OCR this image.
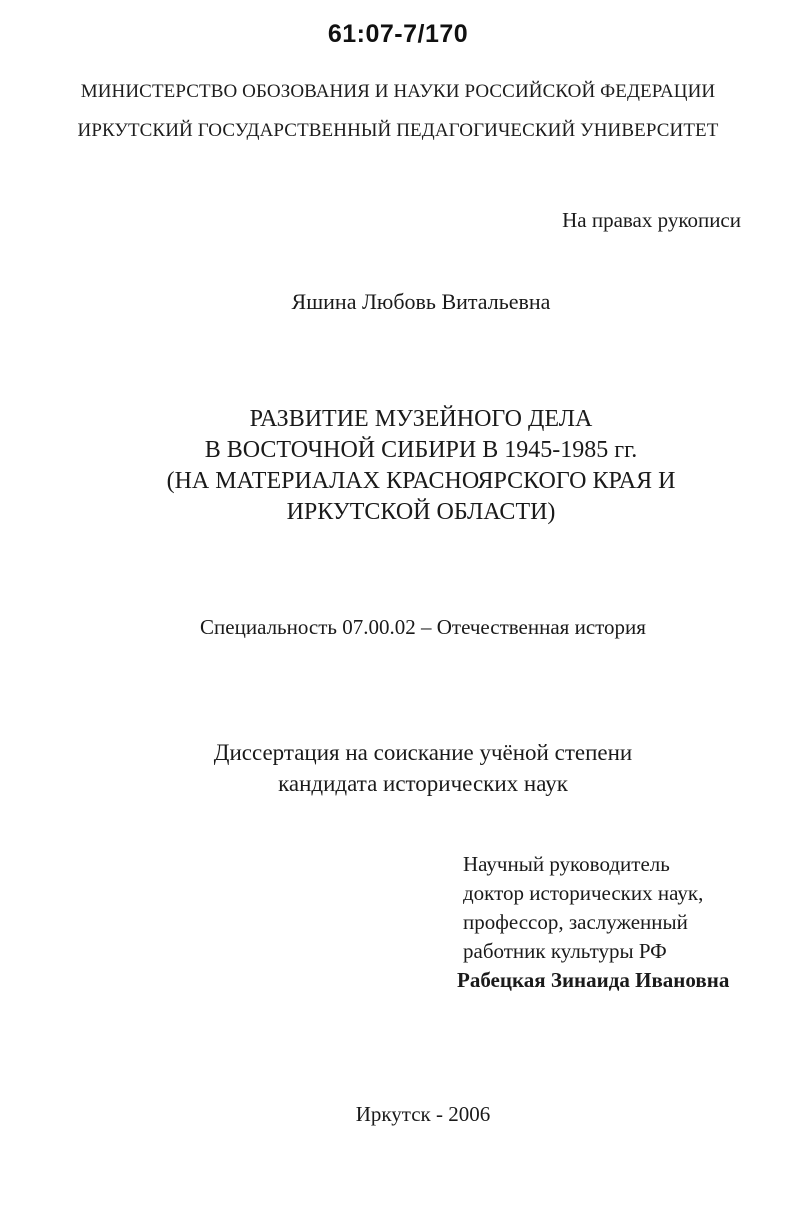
61:07-7/170
МИНИСТЕРСТВО ОБОЗОВАНИЯ И НАУКИ РОССИЙСКОЙ ФЕДЕРАЦИИ
ИРКУТСКИЙ ГОСУДАРСТВЕННЫЙ ПЕДАГОГИЧЕСКИЙ УНИВЕРСИТЕТ
На правах рукописи
Яшина Любовь Витальевна
РАЗВИТИЕ МУЗЕЙНОГО ДЕЛА
В ВОСТОЧНОЙ СИБИРИ В 1945-1985 гг.
(НА МАТЕРИАЛАХ КРАСНОЯРСКОГО КРАЯ И
ИРКУТСКОЙ ОБЛАСТИ)
Специальность 07.00.02 – Отечественная история
Диссертация на соискание учёной степени
кандидата исторических наук
Научный руководитель
доктор исторических наук,
профессор, заслуженный
работник культуры РФ
Рабецкая Зинаида Ивановна
Иркутск - 2006
